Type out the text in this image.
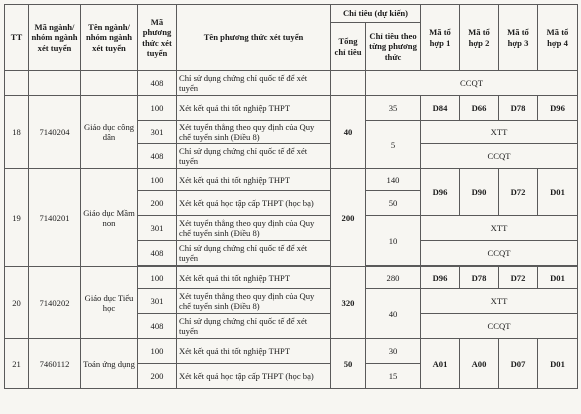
TT	Mã ngành/ nhóm ngành xét tuyển	Tên ngành/ nhóm ngành xét tuyển	Mã phương thức xét tuyển	Tên phương thức xét tuyển	Chỉ tiêu (dự kiến)		Mã tổ hợp 1	Mã tổ hợp 2	Mã tổ hợp 3	Mã tổ hợp 4
					Tổng chỉ tiêu	Chỉ tiêu theo từng phương thức				
			408	Chỉ sử dụng chứng chỉ quốc tế để xét tuyển		CCQT				
18	7140204	Giáo dục công dân	100	Xét kết quả thi tốt nghiệp THPT	40	35	D84	D66	D78	D96
			301	Xét tuyển thẳng theo quy định của Quy chế tuyển sinh (Điều 8)		5	XTT			

			408	Chỉ sử dụng chứng chỉ quốc tế để xét tuyển			CCQT			
19	7140201	Giáo dục Mầm non	100	Xét kết quả thi tốt nghiệp THPT	200	140	D96	D90	D72	D01
			200	Xét kết quả học tập cấp THPT (học bạ)		50				
			301	Xét tuyển thẳng theo quy định của Quy chế tuyển sinh (Điều 8)		10	XTT			
			408	Chỉ sử dụng chứng chỉ quốc tế để xét tuyển			CCQT			

20	7140202	Giáo dục Tiểu học	100	Xét kết quả thi tốt nghiệp THPT	320	280	D96	D78	D72	D01
			301	Xét tuyển thẳng theo quy định của Quy chế tuyển sinh (Điều 8)		40	XTT			
			408	Chỉ sử dụng chứng chỉ quốc tế để xét tuyển			CCQT			
21	7460112	Toán ứng dụng	100	Xét kết quả thi tốt nghiệp THPT	50	30	A01	A00	D07	D01
			200	Xét kết quả học tập cấp THPT (học bạ)		15				
